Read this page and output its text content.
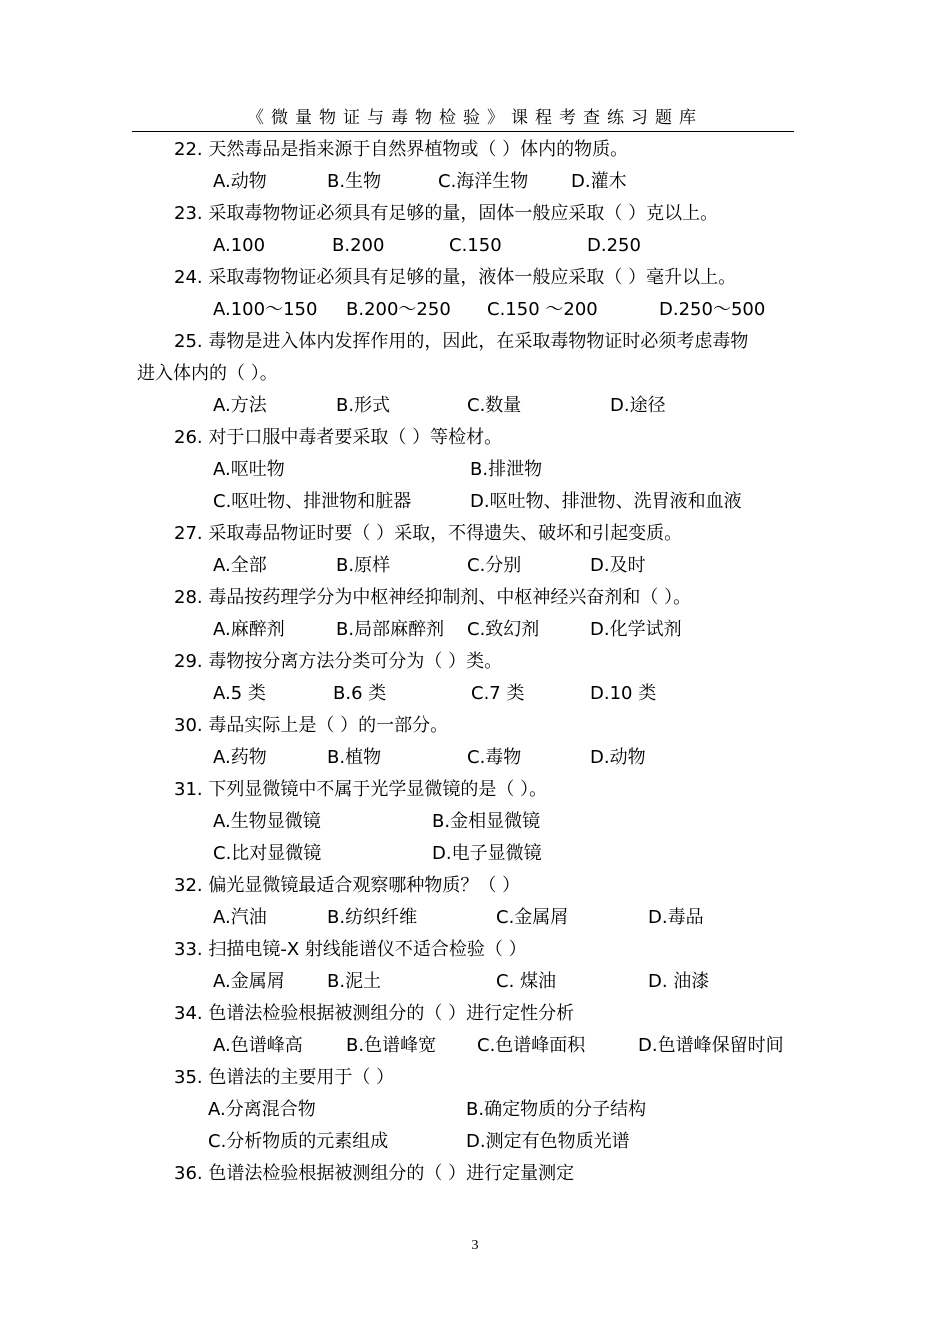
《微量物证与毒物检验》课程考查练习题库
22. 天然毒品是指来源于自然界植物或（ ）体内的物质。
A.动物	B.生物	C.海洋生物 D.灌木
23. 采取毒物物证必须具有足够的量，固体一般应采取（ ）克以上。
A.100	B.200	C.150	D.250
24. 采取毒物物证必须具有足够的量，液体一般应采取（ ）毫升以上。
A.100～150 B.200～250 C.150 ～200	D.250～500
25. 毒物是进入体内发挥作用的，因此，在采取毒物物证时必须考虑毒物
进入体内的（ ）。
A.方法	B.形式	C.数量	D.途径
26. 对于口服中毒者要采取（ ）等检材。
A.呕吐物	B.排泄物
C.呕吐物、排泄物和脏器	D.呕吐物、排泄物、洗胃液和血液
27. 采取毒品物证时要（ ）采取，不得遗失、破坏和引起变质。
A.全部	B.原样	C.分别	D.及时
28. 毒品按药理学分为中枢神经抑制剂、中枢神经兴奋剂和（ ）。
A.麻醉剂	B.局部麻醉剂 C.致幻剂	D.化学试剂
29. 毒物按分离方法分类可分为（ ）类。
A.5 类	B.6 类	C.7 类	D.10 类
30. 毒品实际上是（ ）的一部分。
A.药物	B.植物	C.毒物	D.动物
31. 下列显微镜中不属于光学显微镜的是（ ）。
A.生物显微镜	B.金相显微镜
C.比对显微镜	D.电子显微镜
32. 偏光显微镜最适合观察哪种物质？（ ）
A.汽油	B.纺织纤维	C.金属屑	D.毒品
33. 扫描电镜-X 射线能谱仪不适合检验（ ）
A.金属屑 B.泥土	C. 煤油	D. 油漆
34. 色谱法检验根据被测组分的（ ）进行定性分析
A.色谱峰高 B.色谱峰宽 C.色谱峰面积	D.色谱峰保留时间
35. 色谱法的主要用于（ ）
A.分离混合物	B.确定物质的分子结构
C.分析物质的元素组成	D.测定有色物质光谱
36. 色谱法检验根据被测组分的（ ）进行定量测定
3
